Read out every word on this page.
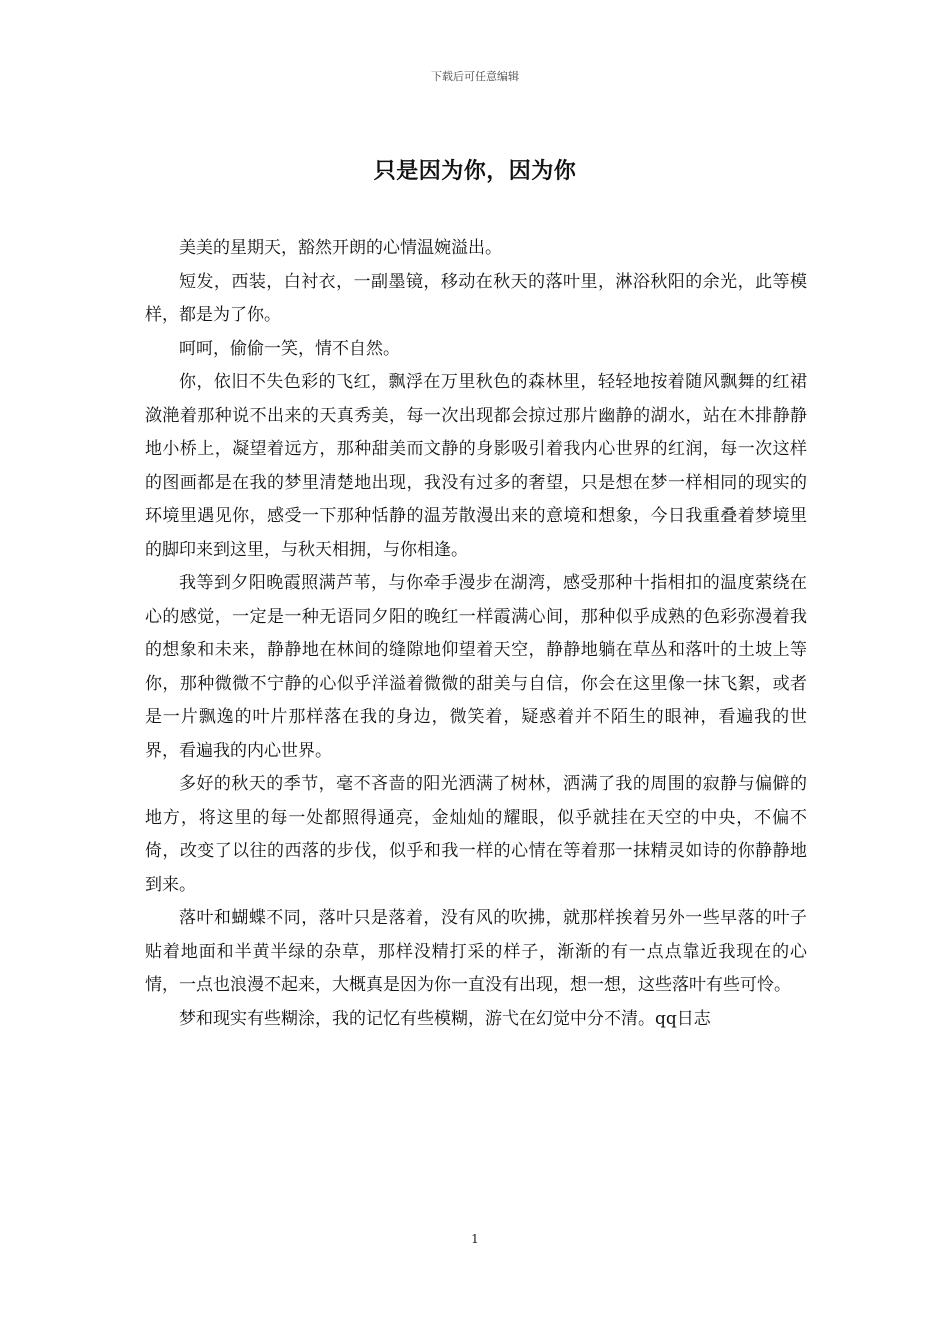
下载后可任意编辑
只是因为你，因为你

美美的星期天，豁然开朗的心情温婉溢出。

短发，西装，白衬衣，一副墨镜，移动在秋天的落叶里，淋浴秋阳的余光，此等模样，都是为了你。

呵呵，偷偷一笑，情不自然。

你，依旧不失色彩的飞红，飘浮在万里秋色的森林里，轻轻地按着随风飘舞的红裙潋滟着那种说不出来的天真秀美，每一次出现都会掠过那片幽静的湖水，站在木排静静地小桥上，凝望着远方，那种甜美而文静的身影吸引着我内心世界的红润，每一次这样的图画都是在我的梦里清楚地出现，我没有过多的奢望，只是想在梦一样相同的现实的环境里遇见你，感受一下那种恬静的温芳散漫出来的意境和想象，今日我重叠着梦境里的脚印来到这里，与秋天相拥，与你相逢。

我等到夕阳晚霞照满芦苇，与你牵手漫步在湖湾，感受那种十指相扣的温度萦绕在心的感觉，一定是一种无语同夕阳的晚红一样霞满心间，那种似乎成熟的色彩弥漫着我的想象和未来，静静地在林间的缝隙地仰望着天空，静静地躺在草丛和落叶的土坡上等你，那种微微不宁静的心似乎洋溢着微微的甜美与自信，你会在这里像一抹飞絮，或者是一片飘逸的叶片那样落在我的身边，微笑着，疑惑着并不陌生的眼神，看遍我的世界，看遍我的内心世界。

多好的秋天的季节，毫不吝啬的阳光洒满了树林，洒满了我的周围的寂静与偏僻的地方，将这里的每一处都照得通亮，金灿灿的耀眼，似乎就挂在天空的中央，不偏不倚，改变了以往的西落的步伐，似乎和我一样的心情在等着那一抹精灵如诗的你静静地到来。

落叶和蝴蝶不同，落叶只是落着，没有风的吹拂，就那样挨着另外一些早落的叶子贴着地面和半黄半绿的杂草，那样没精打采的样子，渐渐的有一点点靠近我现在的心情，一点也浪漫不起来，大概真是因为你一直没有出现，想一想，这些落叶有些可怜。

梦和现实有些糊涂，我的记忆有些模糊，游弋在幻觉中分不清。qq日志

1
